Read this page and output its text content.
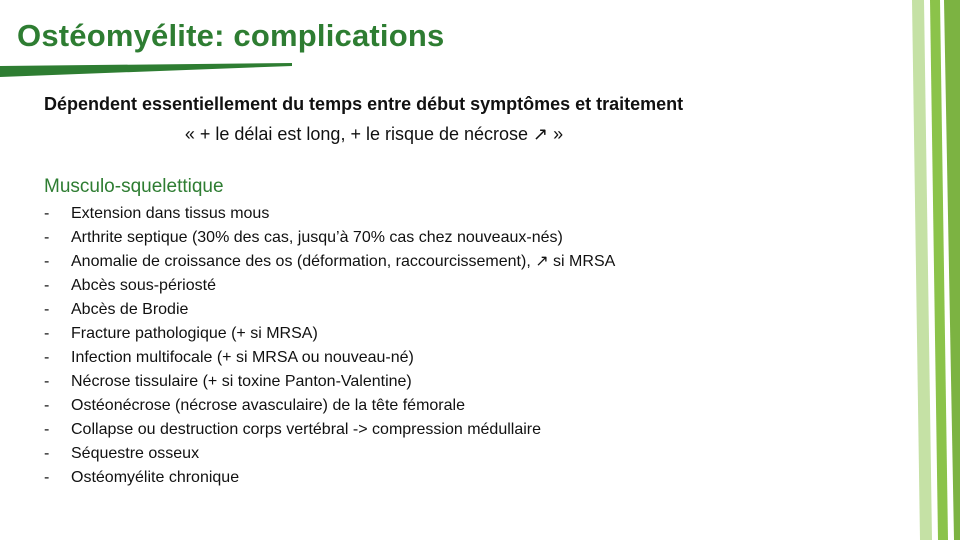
Ostéomyélite: complications
Dépendent essentiellement du temps entre début symptômes et traitement
« + le délai est long, + le risque de nécrose ↗ »
Musculo-squelettique
-	Extension dans tissus mous
-	Arthrite septique (30% des cas, jusqu’à 70% cas chez nouveaux-nés)
-	Anomalie de croissance des os (déformation, raccourcissement), ↗ si MRSA
-	Abcès sous-périosté
-	Abcès de Brodie
-	Fracture pathologique (+ si MRSA)
-	Infection multifocale (+ si MRSA ou nouveau-né)
-	Nécrose tissulaire (+ si toxine Panton-Valentine)
-	Ostéonécrose (nécrose avasculaire) de la tête fémorale
-	Collapse ou destruction corps vertébral -> compression médullaire
-	Séquestre osseux
-	Ostéomyélite chronique
